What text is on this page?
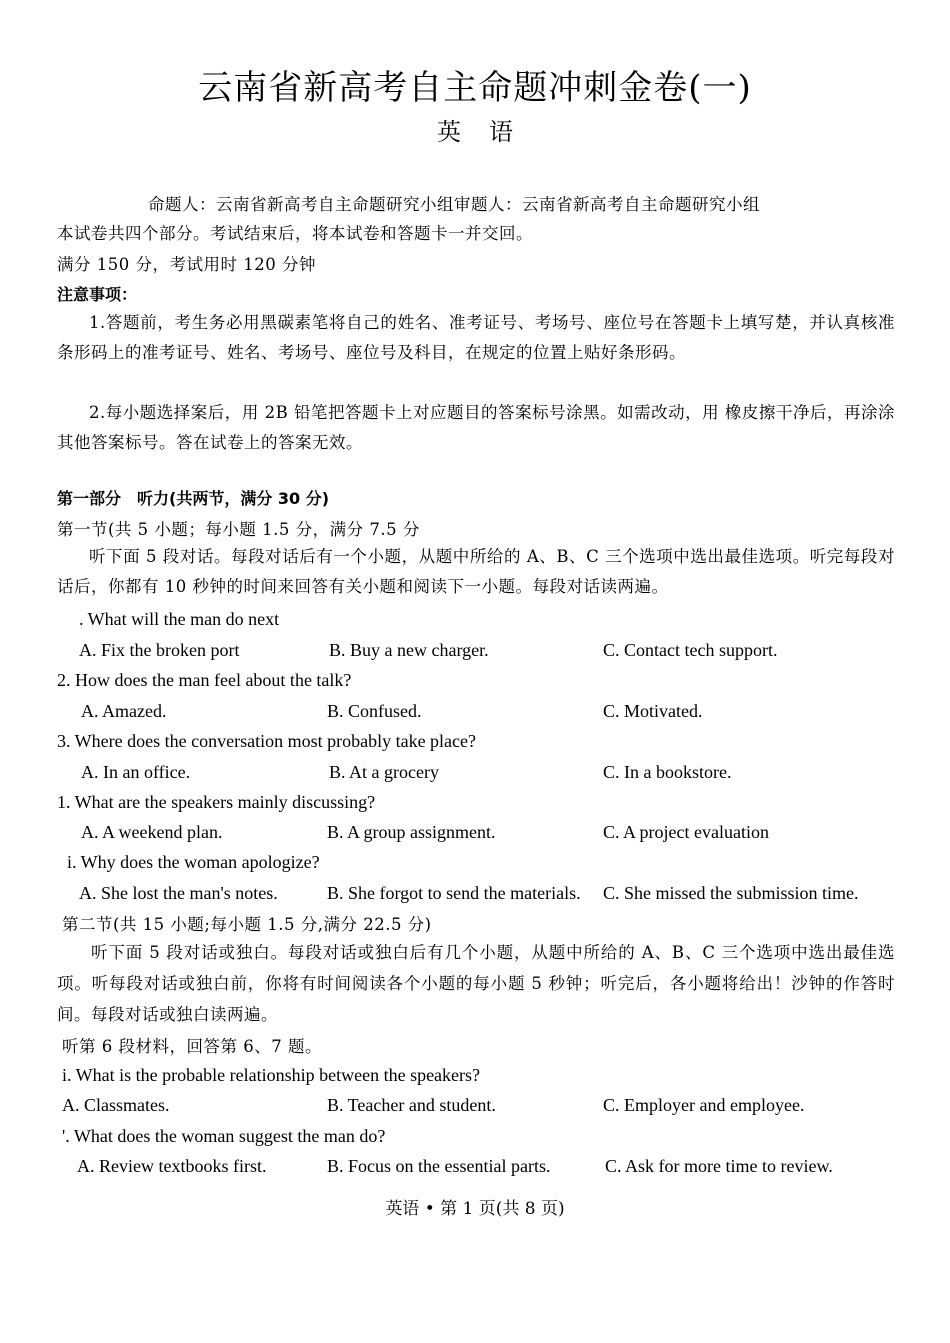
云南省新高考自主命题冲刺金卷(一)
英语
命题人：云南省新高考自主命题研究小组审题人：云南省新高考自主命题研究小组
本试卷共四个部分。考试结束后，将本试卷和答题卡一并交回。
满分 150 分，考试用时 120 分钟
注意事项：
1.答题前，考生务必用黑碳素笔将自己的姓名、准考证号、考场号、座位号在答题卡上填写楚，并认真核准条形码上的准考证号、姓名、考场号、座位号及科目，在规定的位置上贴好条形码。
2.每小题选择案后，用 2B 铅笔把答题卡上对应题目的答案标号涂黑。如需改动，用 橡皮擦干净后，再涂涂其他答案标号。答在试卷上的答案无效。
第一部分　听力(共两节，满分 30 分)
第一节(共 5 小题；每小题 1.5 分，满分 7.5 分
听下面 5 段对话。每段对话后有一个小题，从题中所给的 A、B、C 三个选项中选出最佳选项。听完每段对话后，你都有 10 秒钟的时间来回答有关小题和阅读下一小题。每段对话读两遍。
. What will the man do next
A. Fix the broken port	B. Buy a new charger.	C. Contact tech support.
2. How does the man feel about the talk?
A. Amazed.	B. Confused.	C. Motivated.
3. Where does the conversation most probably take place?
A. In an office.	B. At a grocery	C. In a bookstore.
1. What are the speakers mainly discussing?
A. A weekend plan.	B. A group assignment.	C. A project evaluation
i. Why does the woman apologize?
A. She lost the man's notes.	B. She forgot to send the materials. C. She missed the submission time.
第二节(共 15 小题;每小题 1.5 分,满分 22.5 分)
听下面 5 段对话或独白。每段对话或独白后有几个小题，从题中所给的 A、B、C 三个选项中选出最佳选项。听每段对话或独白前，你将有时间阅读各个小题的每小题 5 秒钟；听完后，各小题将给出！沙钟的作答时间。每段对话或独白读两遍。
听第 6 段材料，回答第 6、7 题。
i. What is the probable relationship between the speakers?
A. Classmates.	B. Teacher and student.	C. Employer and employee.
'. What does the woman suggest the man do?
A. Review textbooks first.	B. Focus on the essential parts.	C. Ask for more time to review.
英语 • 第 1 页(共 8 页)
